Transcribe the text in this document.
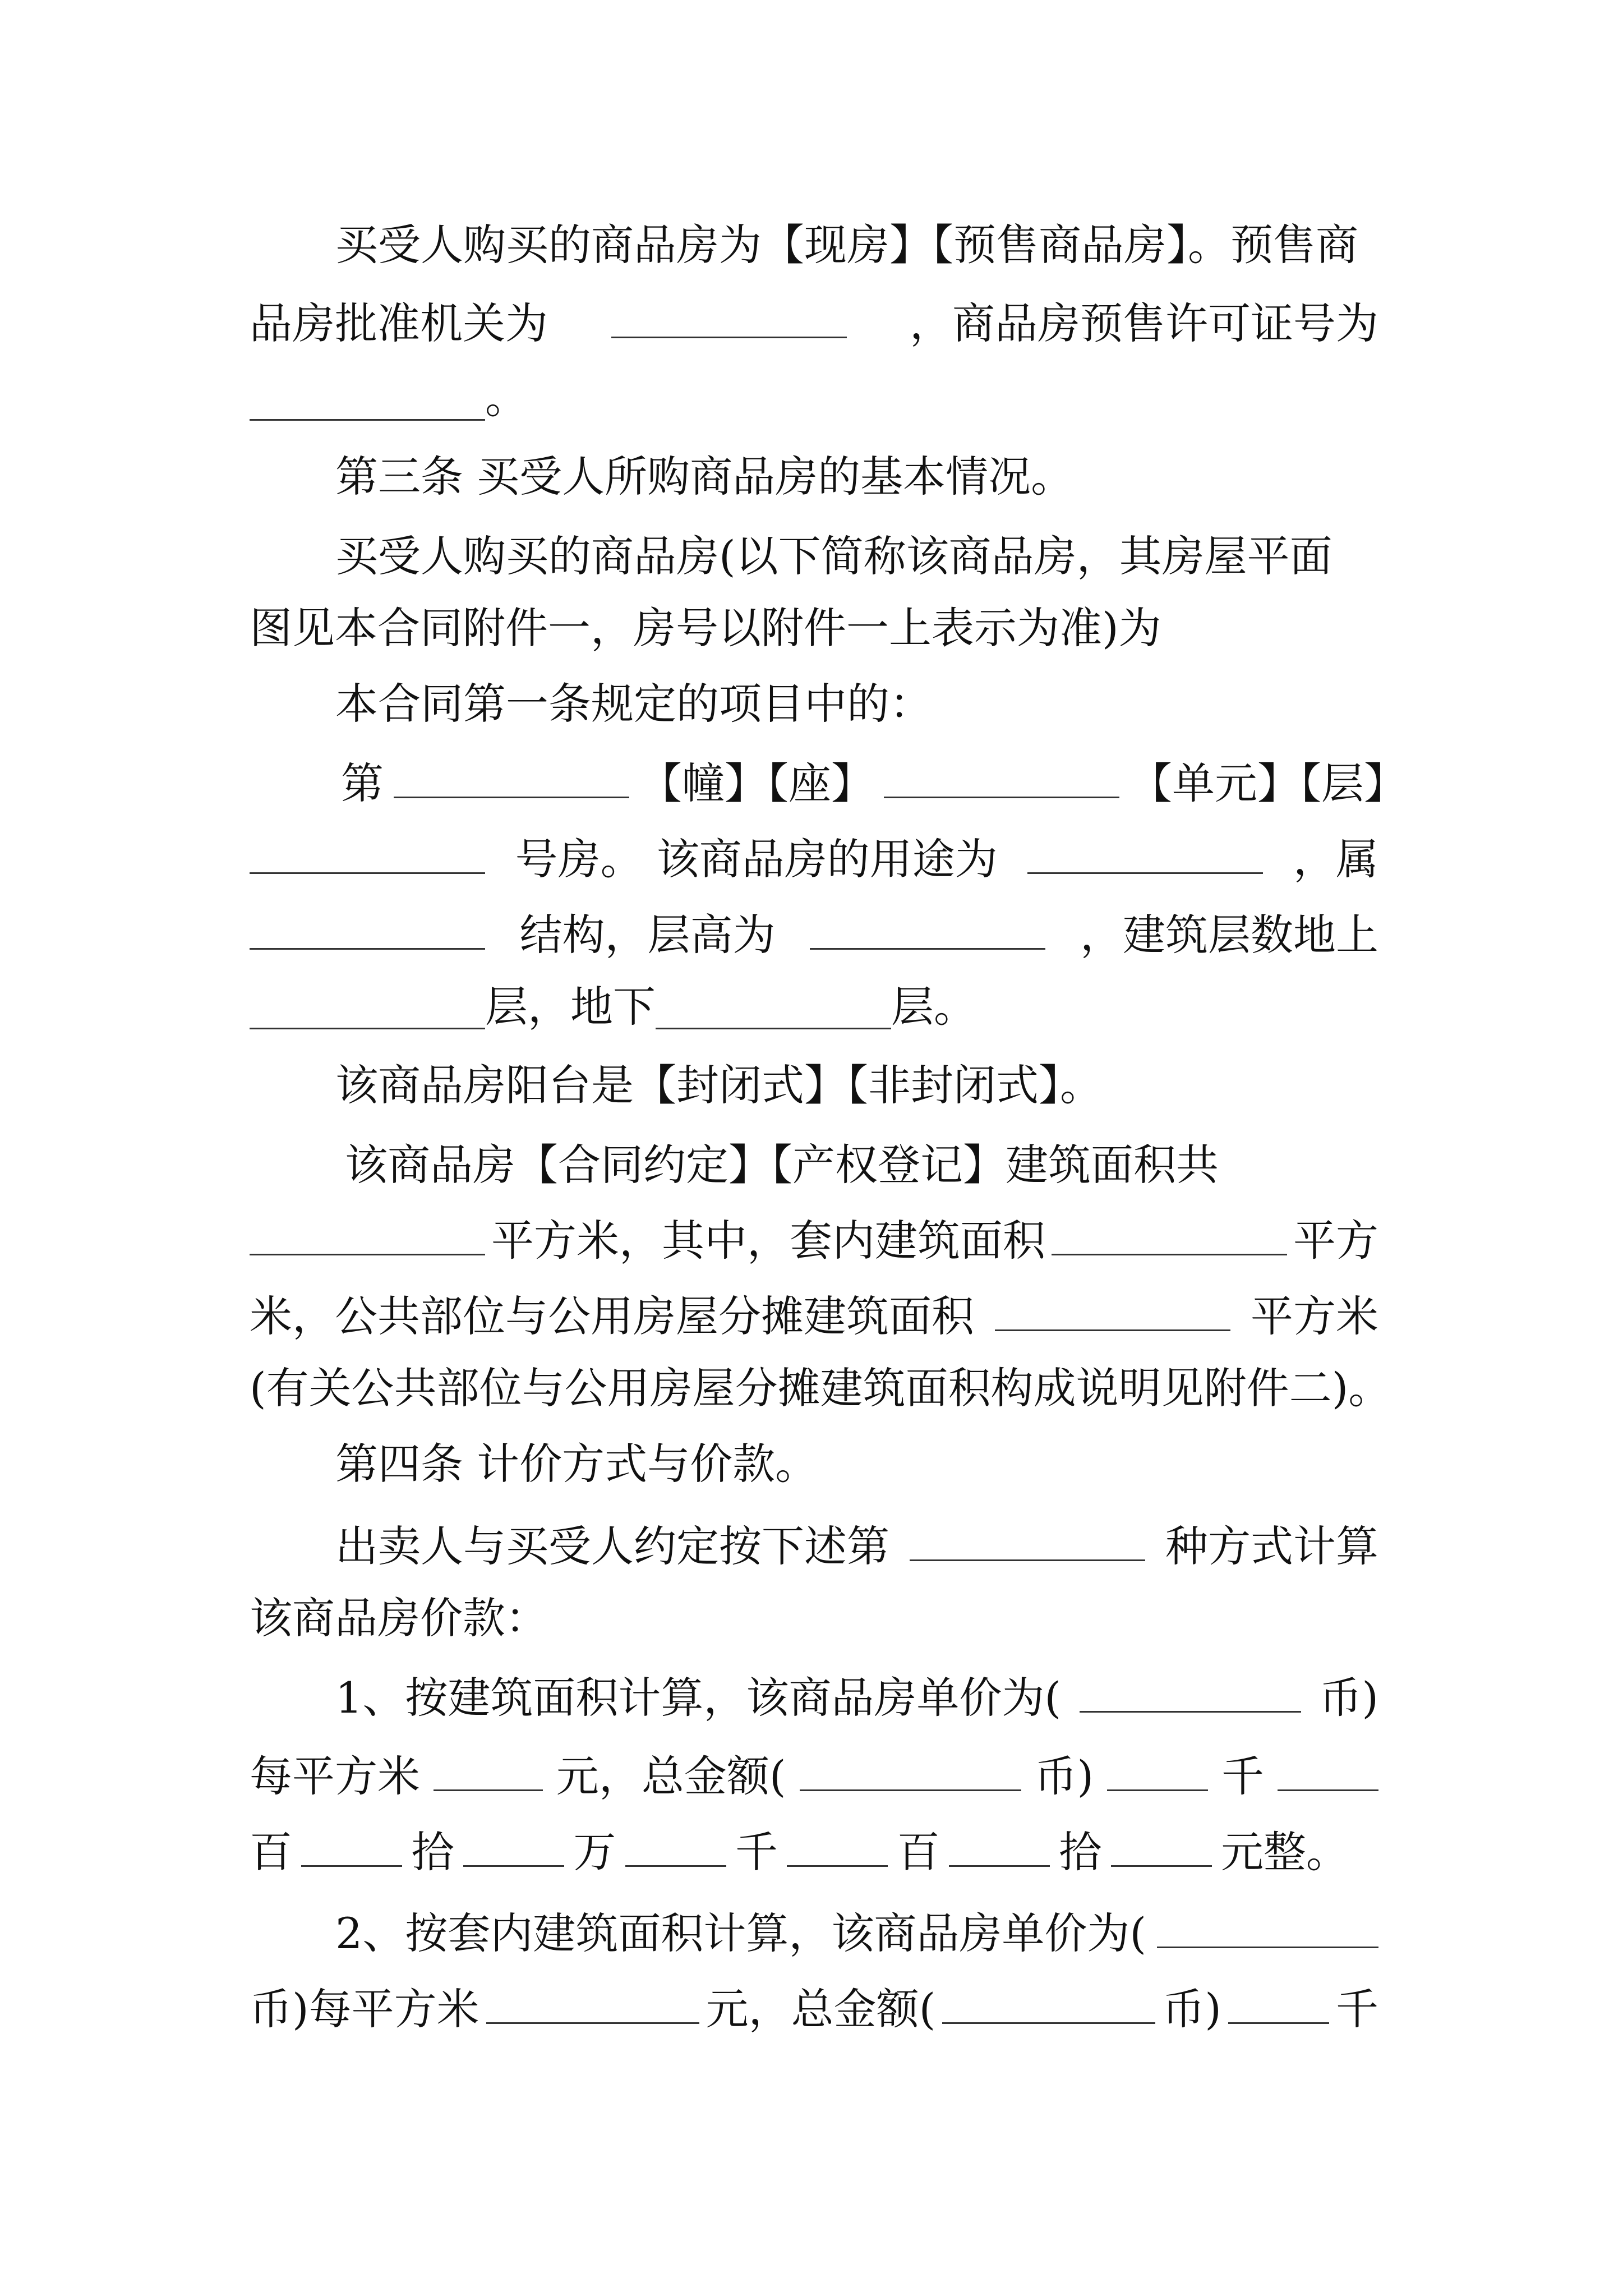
买受人购买的商品房为【现房】【预售商品房】。预售商
品房批准机关为	，商品房预售许可证号为
。
第三条 买受人所购商品房的基本情况。
买受人购买的商品房(以下简称该商品房，其房屋平面
图见本合同附件一，房号以附件一上表示为准)为
本合同第一条规定的项目中的：
第	【幢】【座】	【单元】【层】
号房。 该商品房的用途为	，属
结构，层高为	，建筑层数地上
层，地下	层。
该商品房阳台是【封闭式】【非封闭式】。
该商品房【合同约定】【产权登记】建筑面积共
平方米，其中，套内建筑面积	平方
米，公共部位与公用房屋分摊建筑面积	平方米
(有关公共部位与公用房屋分摊建筑面积构成说明见附件二)。
第四条 计价方式与价款。
出卖人与买受人约定按下述第	种方式计算
该商品房价款：
1、按建筑面积计算，该商品房单价为(	币)
每平方米	元，总金额(	币)	千
百	拾	万	千	百	拾	元整。
2、按套内建筑面积计算，该商品房单价为(
币)每平方米	元，总金额(	币)	千
